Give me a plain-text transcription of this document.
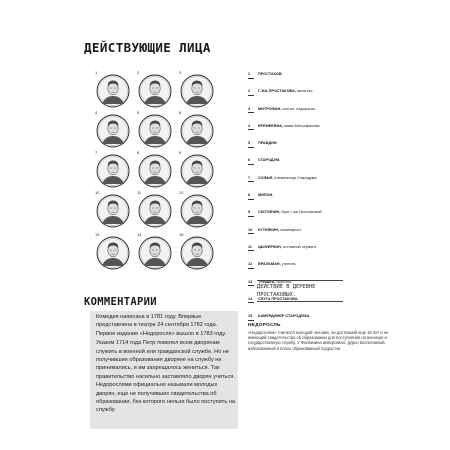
ДЕЙСТВУЮЩИЕ ЛИЦА
1	2	3
4	5	6
7	8	9
10	11	12
13	14	15
1	ПРОСТАКОВ.
2	Г-ЖА ПРОСТАКОВА, жена его.
3	МИТРОФАН, сын их, недоросль.
4	ЕРЕМЕЕВНА, мама Митрофанова.
5	ПРАВДИН.
6	СТАРОДУМ.
7	СОФЬЯ, племянница Стародума.
8	МИЛОН.
9	СКОТИНИН, брат г-жи Простаковой.
10	КУТЕЙКИН, семинарист.
11	ЦЫФИРКИН, отставной сержант.
12	ВРАЛЬМАН, учитель.
13	ТРИШКА, портной.
14	СЛУГА ПРОСТАКОВА.
15	КАМЕРДИНЕР СТАРОДУМА.
ДЕЙСТВИЕ В ДЕРЕВНЕ ПРОСТАКОВЫХ.
КОММЕНТАРИИ

Комедия написана в 1781 году. Впервые представлена в театре 24 сентября 1782 года. Первое издание «Недоросля» вышло в 1783 году.

Указом 1714 года Петр повелел всем дворянам служить в военной или гражданской службе. Но не получившие образования дворяне на службу не принимались, и им запрещалось жениться. Так правительство насильно заставляло дворян учиться. Недорослями официально называли молодых дворян, еще не получивших свидетельства об образовании, без которого нельзя было поступить на службу.

НЕДОРОСЛЬ
«Недорослем» считался молодой человек, не достигший еще 16 лет и не имеющий свидетельства об образовании для поступления на военную и государственную службу. У Фонвизина инверсивно: дурно воспитанный, избалованный и плохо образованный подросток.
